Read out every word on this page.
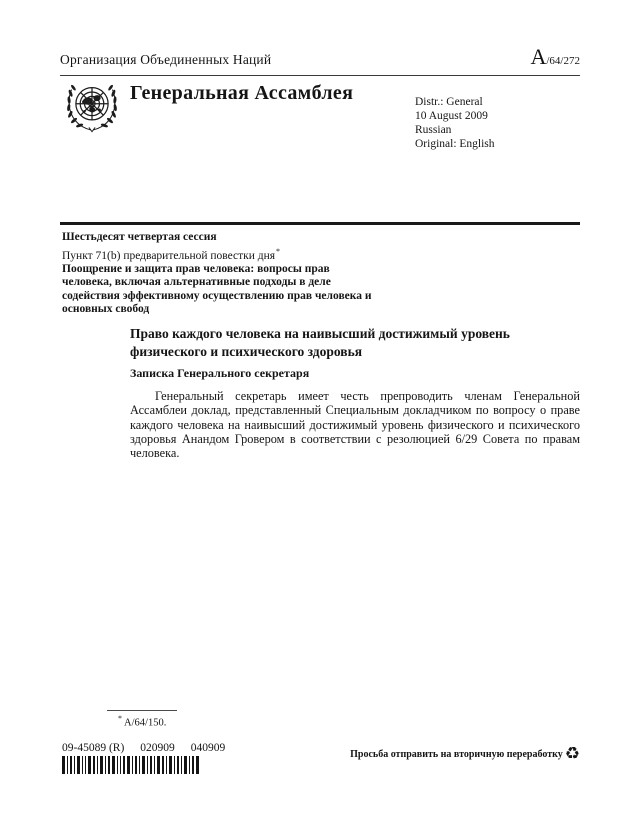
Организация Объединенных Наций	A /64/272
Генеральная Ассамблея	Distr.: General
10 August 2009
Russian
Original: English
Шестьдесят четвертая сессия
Пункт 71(b) предварительной повестки дня *
Поощрение и защита прав человека: вопросы прав человека, включая альтернативные подходы в деле содействия эффективному осуществлению прав человека и основных свобод
Право каждого человека на наивысший достижимый уровень физического и психического здоровья
Записка Генерального секретаря
Генеральный секретарь имеет честь препроводить членам Генеральной Ассамблеи доклад, представленный Специальным докладчиком по вопросу о праве каждого человека на наивысший достижимый уровень физического и психического здоровья Анандом Гровером в соответствии с резолюцией 6/29 Совета по правам человека.
* A/64/150.
09-45089 (R) 020909 040909
Просьба отправить на вторичную переработку ♻
